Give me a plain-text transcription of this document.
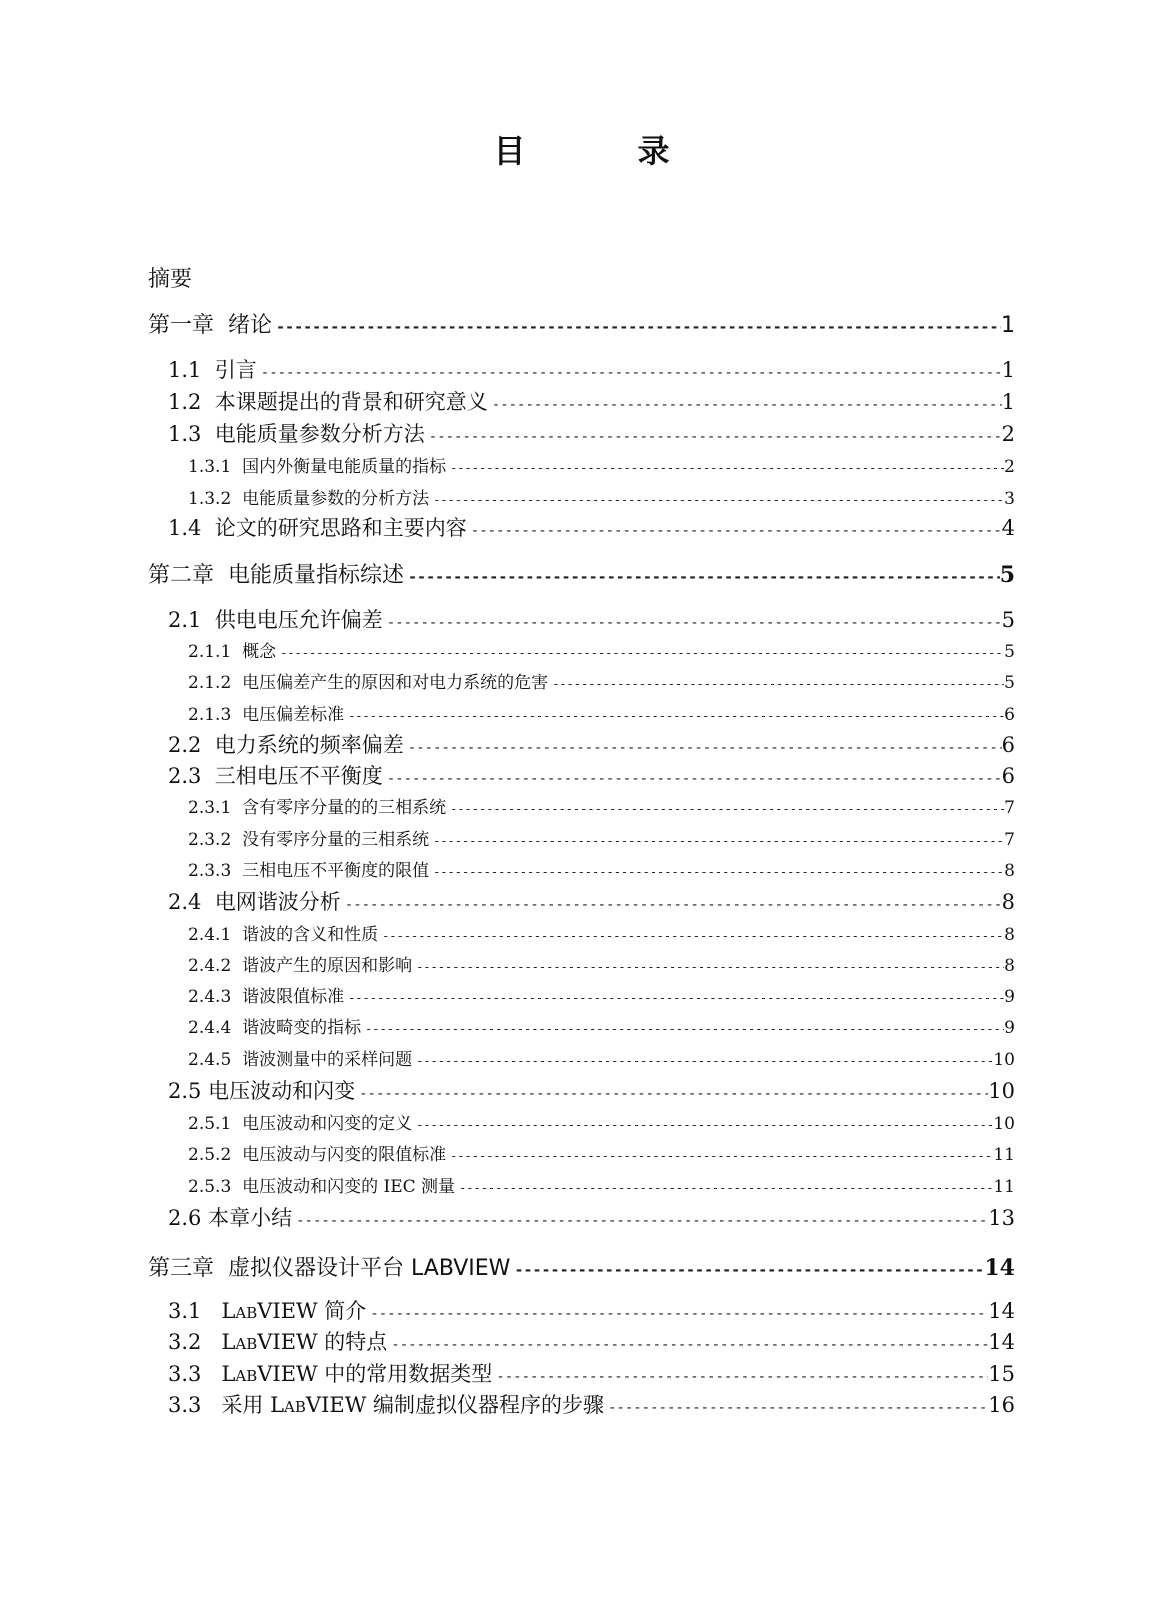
目　录
摘要
第一章 绪论 -----	1
1.1 引言 -----	1
1.2 本课题提出的背景和研究意义 -----	1
1.3 电能质量参数分析方法 -----	2
1.3.1 国内外衡量电能质量的指标 -----	2
1.3.2 电能质量参数的分析方法 -----	3
1.4 论文的研究思路和主要内容 -----	4
第二章 电能质量指标综述 -----	5
2.1 供电电压允许偏差 -----	5
2.1.1 概念 -----	5
2.1.2 电压偏差产生的原因和对电力系统的危害 -----	5
2.1.3 电压偏差标准 -----	6
2.2 电力系统的频率偏差 -----	6
2.3 三相电压不平衡度 -----	6
2.3.1 含有零序分量的的三相系统 -----	7
2.3.2 没有零序分量的三相系统 -----	7
2.3.3 三相电压不平衡度的限值 -----	8
2.4 电网谐波分析 -----	8
2.4.1 谐波的含义和性质 -----	8
2.4.2 谐波产生的原因和影响 -----	8
2.4.3 谐波限值标准 -----	9
2.4.4 谐波畸变的指标 -----	9
2.4.5 谐波测量中的采样问题 -----	10
2.5 电压波动和闪变 -----	10
2.5.1 电压波动和闪变的定义 -----	10
2.5.2 电压波动与闪变的限值标准 -----	11
2.5.3 电压波动和闪变的 IEC 测量 -----	11
2.6 本章小结 -----	13
第三章 虚拟仪器设计平台 LABVIEW -----	14
3.1 LabVIEW 简介 -----	14
3.2 LabVIEW 的特点 -----	14
3.3 LabVIEW 中的常用数据类型 -----	15
3.3 采用 LabVIEW 编制虚拟仪器程序的步骤 -----	16
